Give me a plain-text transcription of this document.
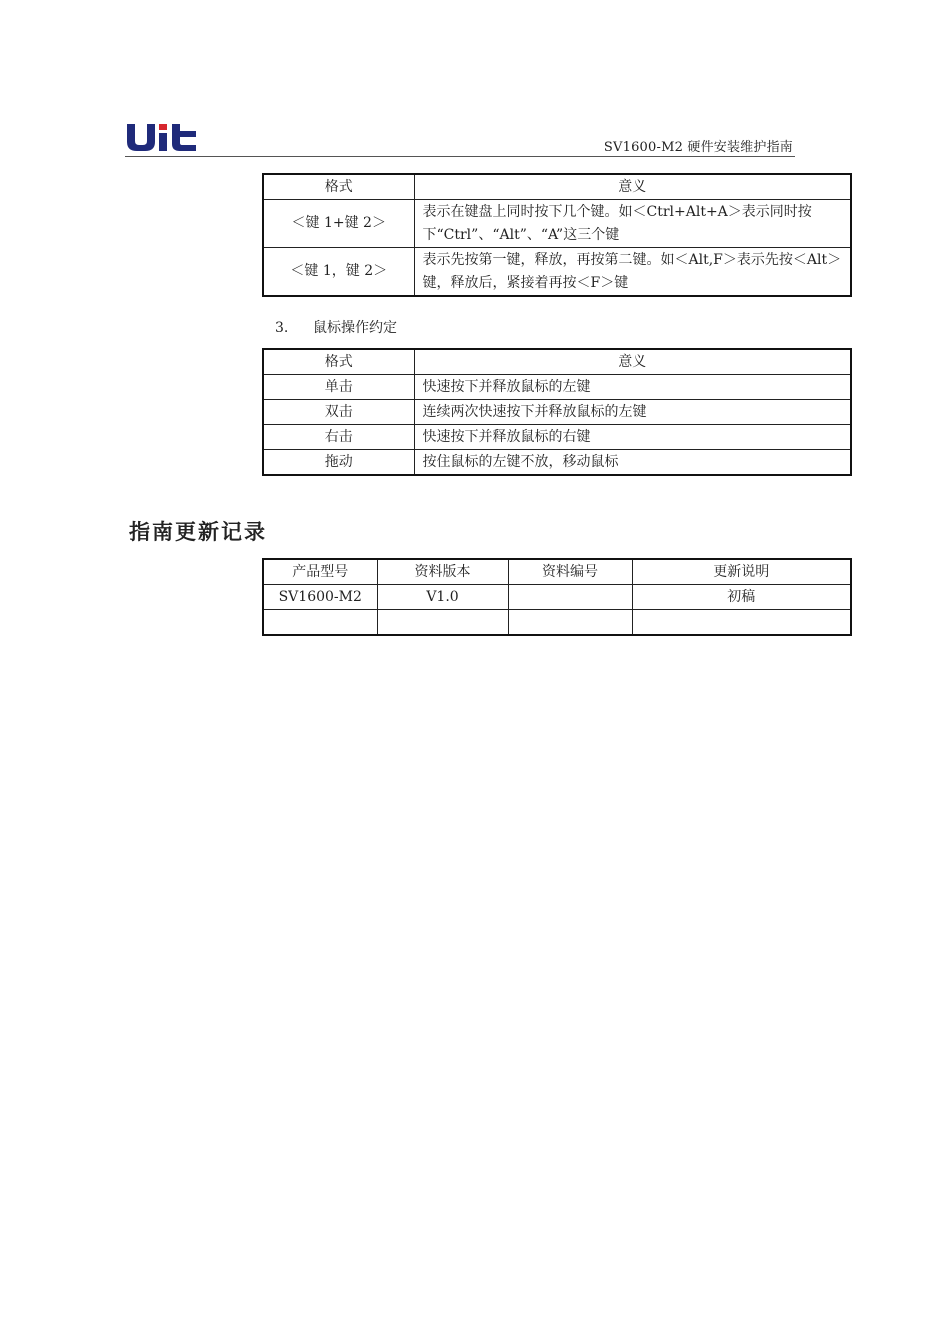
SV1600-M2 硬件安装维护指南
格式	意义
＜键 1+键 2＞	表示在键盘上同时按下几个键。如＜Ctrl+Alt+A＞表示同时按下“Ctrl”、“Alt”、“A”这三个键
＜键 1，键 2＞	表示先按第一键，释放，再按第二键。如＜Alt,F＞表示先按＜Alt＞键，释放后，紧接着再按＜F＞键
3. 鼠标操作约定
格式	意义
单击	快速按下并释放鼠标的左键
双击	连续两次快速按下并释放鼠标的左键
右击	快速按下并释放鼠标的右键
拖动	按住鼠标的左键不放，移动鼠标
指南更新记录
产品型号	资料版本	资料编号	更新说明
SV1600-M2	V1.0		初稿
